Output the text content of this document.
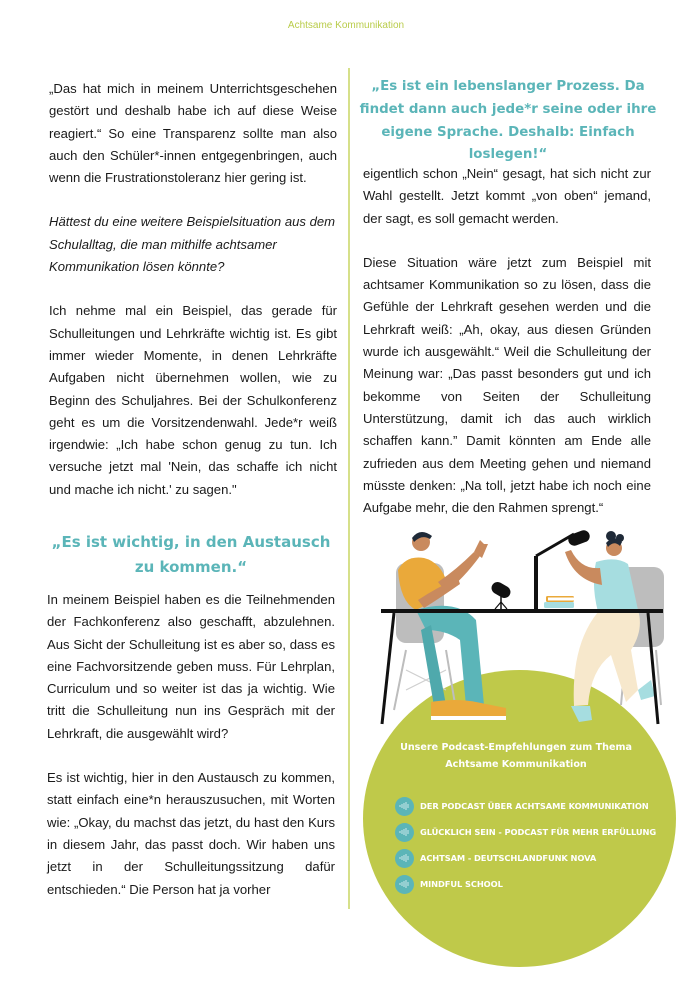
Achtsame Kommunikation

„Das hat mich in meinem Unterrichtsgeschehen gestört und deshalb habe ich auf diese Weise reagiert.“ So eine Transparenz sollte man also auch den Schüler*-innen entgegenbringen, auch wenn die Frustrationstoleranz hier gering ist.

Hättest du eine weitere Beispielsituation aus dem Schulalltag, die man mithilfe achtsamer Kommunikation lösen könnte?

Ich nehme mal ein Beispiel, das gerade für Schulleitungen und Lehrkräfte wichtig ist. Es gibt immer wieder Momente, in denen Lehrkräfte Aufgaben nicht übernehmen wollen, wie zu Beginn des Schuljahres. Bei der Schulkonferenz geht es um die Vorsitzendenwahl. Jede*r weiß irgendwie: „Ich habe schon genug zu tun. Ich versuche jetzt mal 'Nein, das schaffe ich nicht und mache ich nicht.' zu sagen."

„Es ist wichtig, in den Austausch zu kommen.“

In meinem Beispiel haben es die Teilnehmenden der Fachkonferenz also geschafft, abzulehnen. Aus Sicht der Schulleitung ist es aber so, dass es eine Fachvorsitzende geben muss. Für Lehrplan, Curriculum und so weiter ist das ja wichtig. Wie tritt die Schulleitung nun ins Gespräch mit der Lehrkraft, die ausgewählt wird?

Es ist wichtig, hier in den Austausch zu kommen, statt einfach eine*n herauszusuchen, mit Worten wie: „Okay, du machst das jetzt, du hast den Kurs in diesem Jahr, das passt doch. Wir haben uns jetzt in der Schulleitungssitzung dafür entschieden.“ Die Person hat ja vorher

„Es ist ein lebenslanger Prozess. Da findet dann auch jede*r seine oder ihre eigene Sprache. Deshalb: Einfach loslegen!“

eigentlich schon „Nein“ gesagt, hat sich nicht zur Wahl gestellt. Jetzt kommt „von oben“ jemand, der sagt, es soll gemacht werden.

Diese Situation wäre jetzt zum Beispiel mit achtsamer Kommunikation so zu lösen, dass die Gefühle der Lehrkraft gesehen werden und die Lehrkraft weiß: „Ah, okay, aus diesen Gründen wurde ich ausgewählt.“ Weil die Schulleitung der Meinung war: „Das passt besonders gut und ich bekomme von Seiten der Schulleitung Unterstützung, damit ich das auch wirklich schaffen kann.” Damit könnten am Ende alle zufrieden aus dem Meeting gehen und niemand müsste denken: „Na toll, jetzt habe ich noch eine Aufgabe mehr, die den Rahmen sprengt.“

Unsere Podcast-Empfehlungen zum Thema
Achtsame Kommunikation
DER PODCAST ÜBER ACHTSAME KOMMUNIKATION
GLÜCKLICH SEIN - PODCAST FÜR MEHR ERFÜLLUNG
ACHTSAM - DEUTSCHLANDFUNK NOVA
MINDFUL SCHOOL
